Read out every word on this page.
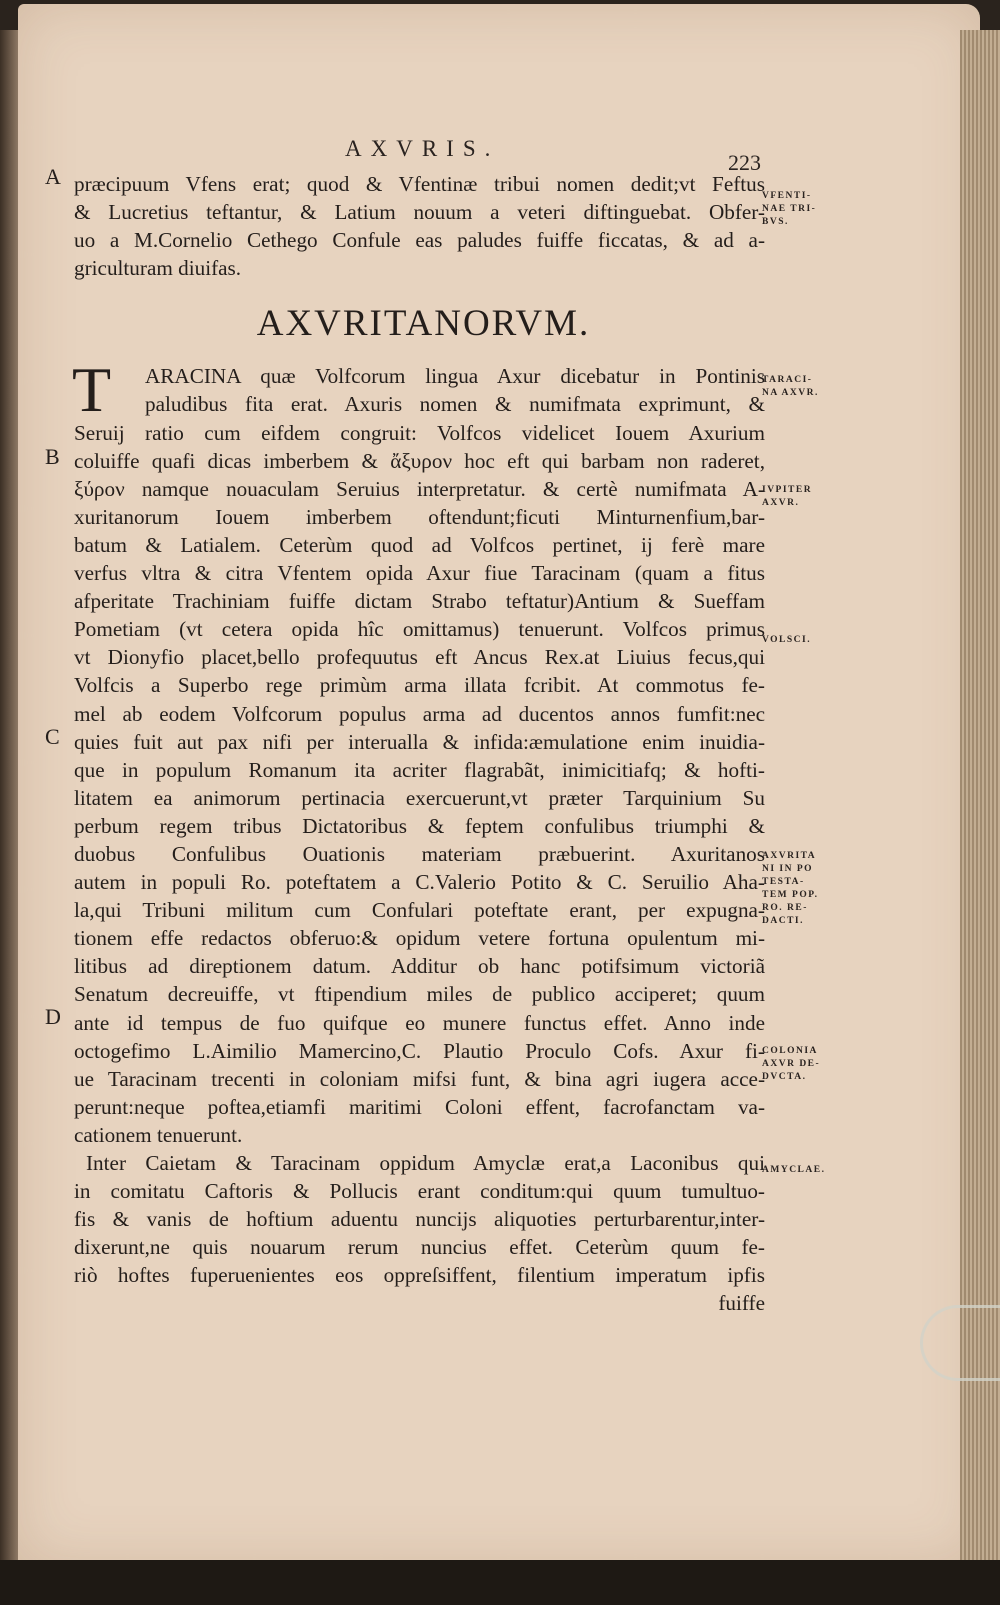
AXVRIS.
223
A
B
C
D
T
præcipuum Vfens erat; quod & Vfentinæ tribui nomen dedit;vt Feftus
& Lucretius teftantur, & Latium nouum a veteri diftinguebat. Obfer-
uo a M.Cornelio Cethego Confule eas paludes fuiffe ficcatas, & ad a-
griculturam diuifas.
AXVRITANORVM.
ARACINA quæ Volfcorum lingua Axur dicebatur in Pontinis
paludibus fita erat. Axuris nomen & numifmata exprimunt, &
Seruij ratio cum eifdem congruit: Volfcos videlicet Iouem Axurium
coluiffe quafi dicas imberbem & ἄξυρον hoc eft qui barbam non raderet,
ξύρον namque nouaculam Seruius interpretatur. & certè numifmata A-
xuritanorum Iouem imberbem oftendunt;ficuti Minturnenfium,bar-
batum & Latialem. Ceterùm quod ad Volfcos pertinet, ij ferè mare
verfus vltra & citra Vfentem opida Axur fiue Taracinam (quam a fitus
afperitate Trachiniam fuiffe dictam Strabo teftatur)Antium & Sueffam
Pometiam (vt cetera opida hîc omittamus) tenuerunt. Volfcos primus
vt Dionyfio placet,bello profequutus eft Ancus Rex.at Liuius fecus,qui
Volfcis a Superbo rege primùm arma illata fcribit. At commotus fe-
mel ab eodem Volfcorum populus arma ad ducentos annos fumfit:nec
quies fuit aut pax nifi per interualla & infida:æmulatione enim inuidia-
que in populum Romanum ita acriter flagrabãt, inimicitiafq; & hofti-
litatem ea animorum pertinacia exercuerunt,vt præter Tarquinium Su
perbum regem tribus Dictatoribus & feptem confulibus triumphi &
duobus Confulibus Ouationis materiam præbuerint. Axuritanos
autem in populi Ro. poteftatem a C.Valerio Potito & C. Seruilio Aha-
la,qui Tribuni militum cum Confulari poteftate erant, per expugna-
tionem effe redactos obferuo:& opidum vetere fortuna opulentum mi-
litibus ad direptionem datum. Additur ob hanc potifsimum victoriã
Senatum decreuiffe, vt ftipendium miles de publico acciperet; quum
ante id tempus de fuo quifque eo munere functus effet. Anno inde
octogefimo L.Aimilio Mamercino,C. Plautio Proculo Cofs. Axur fi-
ue Taracinam trecenti in coloniam mifsi funt, & bina agri iugera acce-
perunt:neque poftea,etiamfi maritimi Coloni effent, facrofanctam va-
cationem tenuerunt.
Inter Caietam & Taracinam oppidum Amyclæ erat,a Laconibus qui
in comitatu Caftoris & Pollucis erant conditum:qui quum tumultuo-
fis & vanis de hoftium aduentu nuncijs aliquoties perturbarentur,inter-
dixerunt,ne quis nouarum rerum nuncius effet. Ceterùm quum fe-
riò hoftes fuperuenientes eos oppreſsiffent, filentium imperatum ipfis
fuiffe
VFENTI-
NAE TRI-
BVS.
TARACI-
NA AXVR.
IVPITER
AXVR.
VOLSCI.
AXVRITA
NI IN PO
TESTA-
TEM POP.
RO. RE-
DACTI.
COLONIA
AXVR DE-
DVCTA.
AMYCLAE.
